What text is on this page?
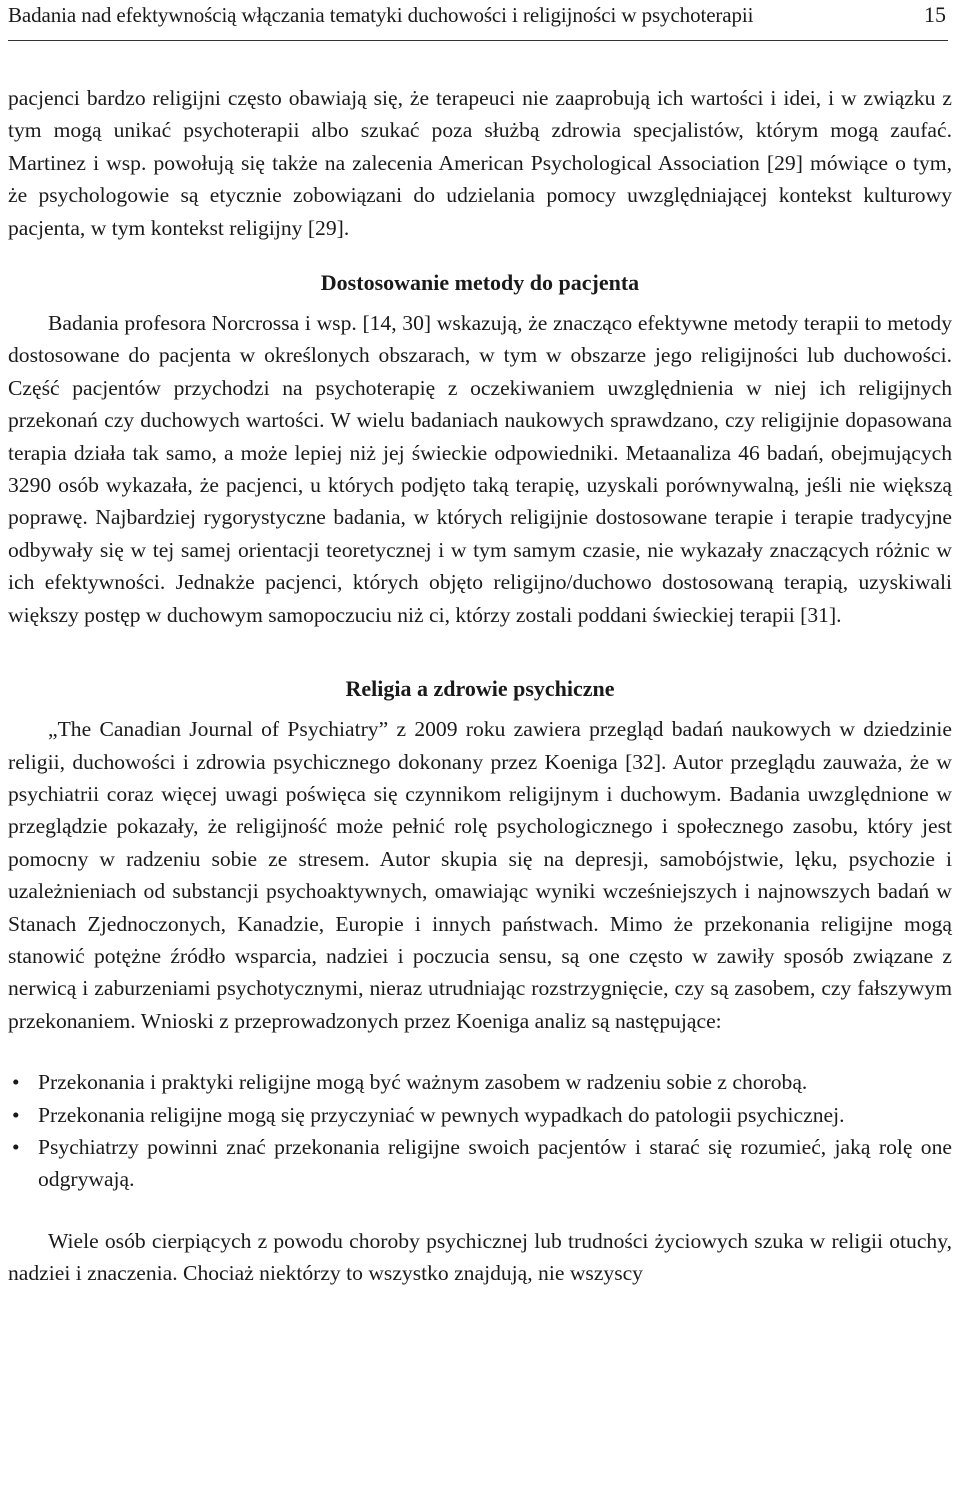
Badania nad efektywnością włączania tematyki duchowości i religijności w psychoterapii	15

pacjenci bardzo religijni często obawiają się, że terapeuci nie zaaprobują ich wartości i idei, i w związku z tym mogą unikać psychoterapii albo szukać poza służbą zdrowia specjalistów, którym mogą zaufać. Martinez i wsp. powołują się także na zalecenia American Psychological Association [29] mówiące o tym, że psychologowie są etycznie zobowiązani do udzielania pomocy uwzględniającej kontekst kulturowy pacjenta, w tym kontekst religijny [29].

Dostosowanie metody do pacjenta

Badania profesora Norcrossa i wsp. [14, 30] wskazują, że znacząco efektywne metody terapii to metody dostosowane do pacjenta w określonych obszarach, w tym w obszarze jego religijności lub duchowości. Część pacjentów przychodzi na psychoterapię z oczekiwaniem uwzględnienia w niej ich religijnych przekonań czy duchowych wartości. W wielu badaniach naukowych sprawdzano, czy religijnie dopasowana terapia działa tak samo, a może lepiej niż jej świeckie odpowiedniki. Metaanaliza 46 badań, obejmujących 3290 osób wykazała, że pacjenci, u których podjęto taką terapię, uzyskali porównywalną, jeśli nie większą poprawę. Najbardziej rygorystyczne badania, w których religijnie dostosowane terapie i terapie tradycyjne odbywały się w tej samej orientacji teoretycznej i w tym samym czasie, nie wykazały znaczących różnic w ich efektywności. Jednakże pacjenci, których objęto religijno/duchowo dostosowaną terapią, uzyskiwali większy postęp w duchowym samopoczuciu niż ci, którzy zostali poddani świeckiej terapii [31].

Religia a zdrowie psychiczne

„The Canadian Journal of Psychiatry” z 2009 roku zawiera przegląd badań naukowych w dziedzinie religii, duchowości i zdrowia psychicznego dokonany przez Koeniga [32]. Autor przeglądu zauważa, że w psychiatrii coraz więcej uwagi poświęca się czynnikom religijnym i duchowym. Badania uwzględnione w przeglądzie pokazały, że religijność może pełnić rolę psychologicznego i społecznego zasobu, który jest pomocny w radzeniu sobie ze stresem. Autor skupia się na depresji, samobójstwie, lęku, psychozie i uzależnieniach od substancji psychoaktywnych, omawiając wyniki wcześniejszych i najnowszych badań w Stanach Zjednoczonych, Kanadzie, Europie i innych państwach. Mimo że przekonania religijne mogą stanowić potężne źródło wsparcia, nadziei i poczucia sensu, są one często w zawiły sposób związane z nerwicą i zaburzeniami psychotycznymi, nieraz utrudniając rozstrzygnięcie, czy są zasobem, czy fałszywym przekonaniem. Wnioski z przeprowadzonych przez Koeniga analiz są następujące:

• Przekonania i praktyki religijne mogą być ważnym zasobem w radzeniu sobie z chorobą.
• Przekonania religijne mogą się przyczyniać w pewnych wypadkach do patologii psychicznej.
• Psychiatrzy powinni znać przekonania religijne swoich pacjentów i starać się rozumieć, jaką rolę one odgrywają.

Wiele osób cierpiących z powodu choroby psychicznej lub trudności życiowych szuka w religii otuchy, nadziei i znaczenia. Chociaż niektórzy to wszystko znajdują, nie wszyscy
